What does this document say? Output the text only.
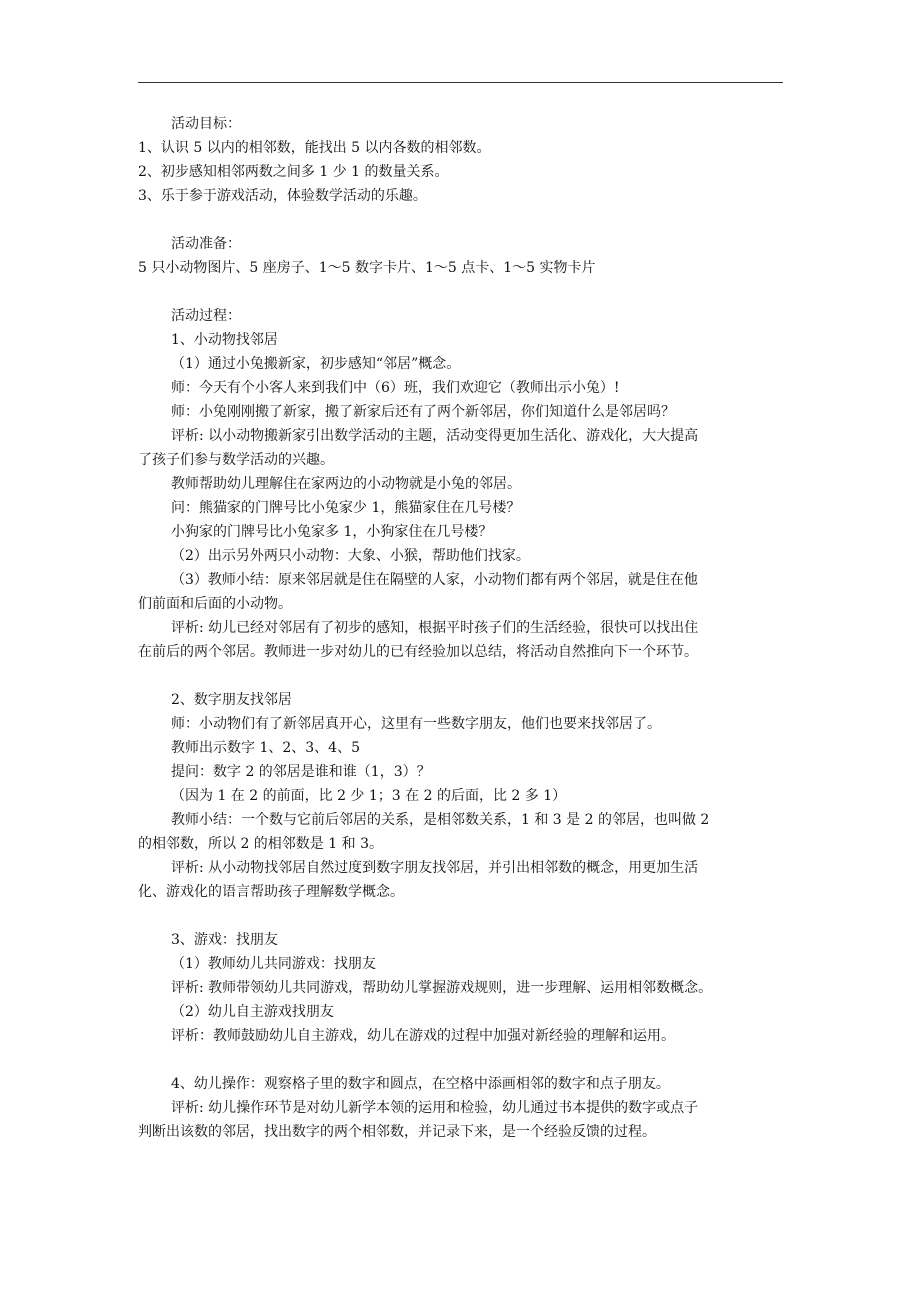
活动目标：
1、认识 5 以内的相邻数，能找出 5 以内各数的相邻数。
2、初步感知相邻两数之间多 1 少 1 的数量关系。
3、乐于参于游戏活动，体验数学活动的乐趣。
活动准备：
5 只小动物图片、5 座房子、1～5 数字卡片、1～5 点卡、1～5 实物卡片
活动过程：
1、小动物找邻居
（1）通过小兔搬新家，初步感知“邻居”概念。
师：今天有个小客人来到我们中（6）班，我们欢迎它（教师出示小兔）!
师：小兔刚刚搬了新家，搬了新家后还有了两个新邻居，你们知道什么是邻居吗？
评析: 以小动物搬新家引出数学活动的主题，活动变得更加生活化、游戏化，大大提高
了孩子们参与数学活动的兴趣。
教师帮助幼儿理解住在家两边的小动物就是小兔的邻居。
问：熊猫家的门牌号比小兔家少 1，熊猫家住在几号楼？
小狗家的门牌号比小兔家多 1，小狗家住在几号楼？
（2）出示另外两只小动物：大象、小猴，帮助他们找家。
（3）教师小结：原来邻居就是住在隔壁的人家，小动物们都有两个邻居，就是住在他
们前面和后面的小动物。
评析: 幼儿已经对邻居有了初步的感知，根据平时孩子们的生活经验，很快可以找出住
在前后的两个邻居。教师进一步对幼儿的已有经验加以总结，将活动自然推向下一个环节。
2、数字朋友找邻居
师：小动物们有了新邻居真开心，这里有一些数字朋友，他们也要来找邻居了。
教师出示数字 1、2、3、4、5
提问：数字 2 的邻居是谁和谁（1，3）？
（因为 1 在 2 的前面，比 2 少 1；3 在 2 的后面，比 2 多 1）
教师小结：一个数与它前后邻居的关系，是相邻数关系，1 和 3 是 2 的邻居，也叫做 2
的相邻数，所以 2 的相邻数是 1 和 3。
评析: 从小动物找邻居自然过度到数字朋友找邻居，并引出相邻数的概念，用更加生活
化、游戏化的语言帮助孩子理解数学概念。
3、游戏：找朋友
（1）教师幼儿共同游戏：找朋友
评析: 教师带领幼儿共同游戏，帮助幼儿掌握游戏规则，进一步理解、运用相邻数概念。
（2）幼儿自主游戏找朋友
评析：教师鼓励幼儿自主游戏，幼儿在游戏的过程中加强对新经验的理解和运用。
4、幼儿操作：观察格子里的数字和圆点，在空格中添画相邻的数字和点子朋友。
评析: 幼儿操作环节是对幼儿新学本领的运用和检验，幼儿通过书本提供的数字或点子
判断出该数的邻居，找出数字的两个相邻数，并记录下来，是一个经验反馈的过程。
